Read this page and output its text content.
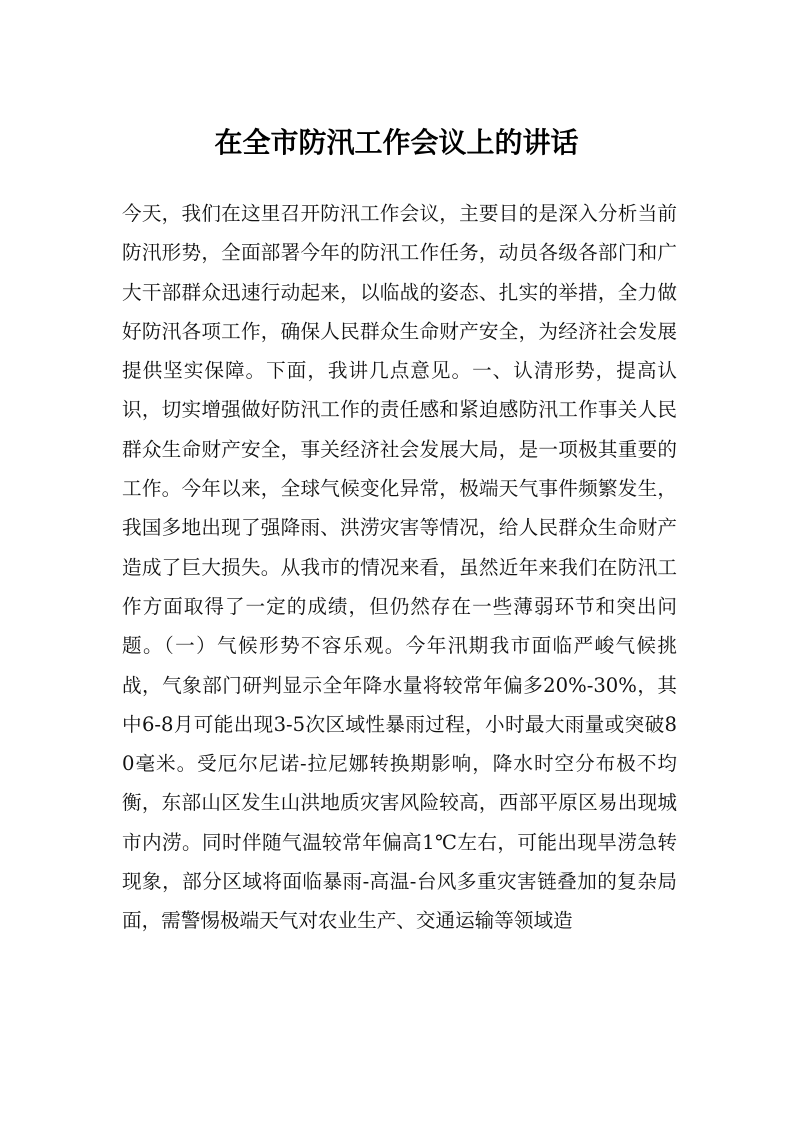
在全市防汛工作会议上的讲话

今天，我们在这里召开防汛工作会议，主要目的是深入分析当前防汛形势，全面部署今年的防汛工作任务，动员各级各部门和广大干部群众迅速行动起来，以临战的姿态、扎实的举措，全力做好防汛各项工作，确保人民群众生命财产安全，为经济社会发展提供坚实保障。下面，我讲几点意见。一、认清形势，提高认识，切实增强做好防汛工作的责任感和紧迫感防汛工作事关人民群众生命财产安全，事关经济社会发展大局，是一项极其重要的工作。今年以来，全球气候变化异常，极端天气事件频繁发生，我国多地出现了强降雨、洪涝灾害等情况，给人民群众生命财产造成了巨大损失。从我市的情况来看，虽然近年来我们在防汛工作方面取得了一定的成绩，但仍然存在一些薄弱环节和突出问题。（一）气候形势不容乐观。今年汛期我市面临严峻气候挑战，气象部门研判显示全年降水量将较常年偏多20%-30%，其中6-8月可能出现3-5次区域性暴雨过程，小时最大雨量或突破80毫米。受厄尔尼诺-拉尼娜转换期影响，降水时空分布极不均衡，东部山区发生山洪地质灾害风险较高，西部平原区易出现城市内涝。同时伴随气温较常年偏高1℃左右，可能出现旱涝急转现象，部分区域将面临暴雨-高温-台风多重灾害链叠加的复杂局面，需警惕极端天气对农业生产、交通运输等领域造
